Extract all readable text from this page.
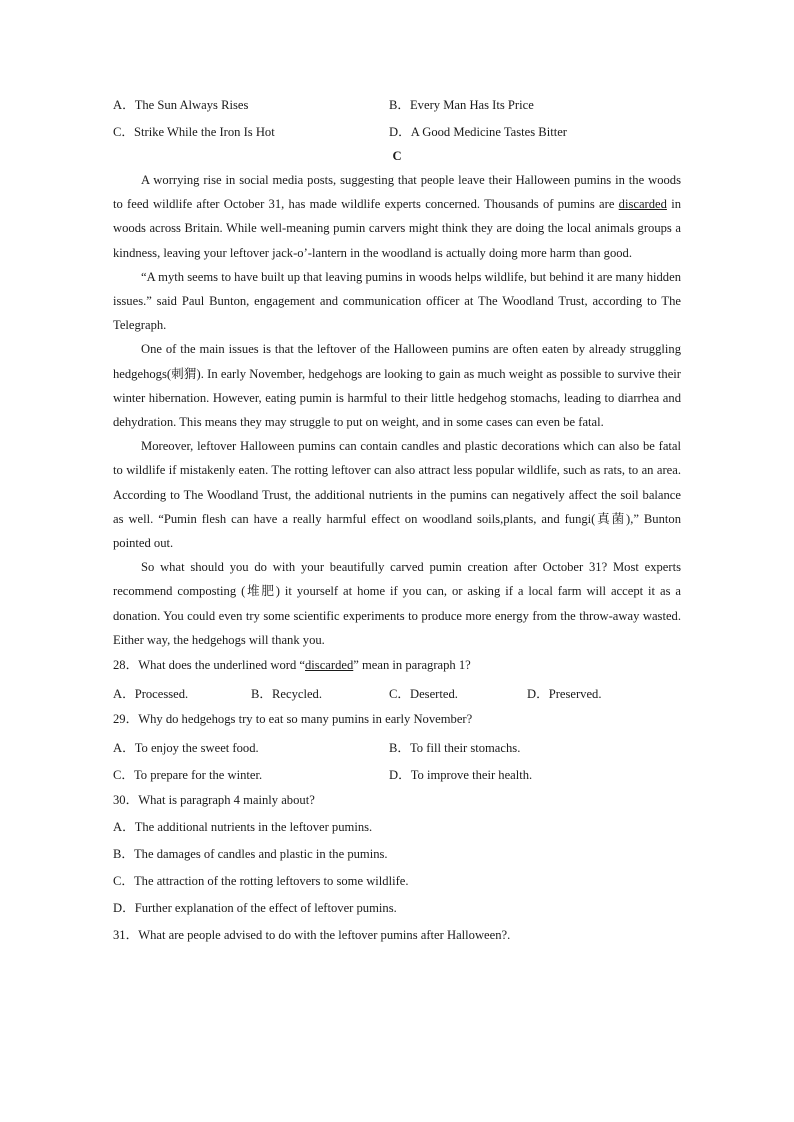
A．The Sun Always Rises	B．Every Man Has Its Price
C．Strike While the Iron Is Hot	D．A Good Medicine Tastes Bitter
C

A worrying rise in social media posts, suggesting that people leave their Halloween pumins in the woods to feed wildlife after October 31, has made wildlife experts concerned. Thousands of pumins are discarded in woods across Britain. While well-meaning pumin carvers might think they are doing the local animals groups a kindness, leaving your leftover jack-o’-lantern in the woodland is actually doing more harm than good.

“A myth seems to have built up that leaving pumins in woods helps wildlife, but behind it are many hidden issues.” said Paul Bunton, engagement and communication officer at The Woodland Trust, according to The Telegraph.

One of the main issues is that the leftover of the Halloween pumins are often eaten by already struggling hedgehogs(刺猬). In early November, hedgehogs are looking to gain as much weight as possible to survive their winter hibernation. However, eating pumin is harmful to their little hedgehog stomachs, leading to diarrhea and dehydration. This means they may struggle to put on weight, and in some cases can even be fatal.

Moreover, leftover Halloween pumins can contain candles and plastic decorations which can also be fatal to wildlife if mistakenly eaten. The rotting leftover can also attract less popular wildlife, such as rats, to an area. According to The Woodland Trust, the additional nutrients in the pumins can negatively affect the soil balance as well. “Pumin flesh can have a really harmful effect on woodland soils,plants, and fungi(真菌),” Bunton pointed out.

So what should you do with your beautifully carved pumin creation after October 31? Most experts recommend composting (堆肥) it yourself at home if you can, or asking if a local farm will accept it as a donation. You could even try some scientific experiments to produce more energy from the throw-away wasted. Either way, the hedgehogs will thank you.

28．What does the underlined word “discarded” mean in paragraph 1?
A．Processed.	B．Recycled.	C．Deserted.	D．Preserved.
29．Why do hedgehogs try to eat so many pumins in early November?
A．To enjoy the sweet food.	B．To fill their stomachs.
C．To prepare for the winter.	D．To improve their health.
30．What is paragraph 4 mainly about?
A．The additional nutrients in the leftover pumins.
B．The damages of candles and plastic in the pumins.
C．The attraction of the rotting leftovers to some wildlife.
D．Further explanation of the effect of leftover pumins.
31．What are people advised to do with the leftover pumins after Halloween?.
